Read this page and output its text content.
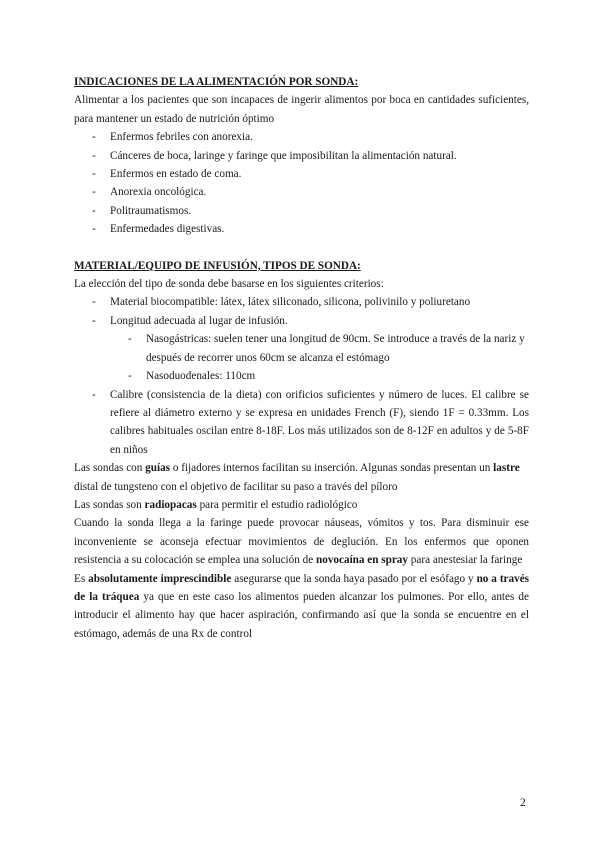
INDICACIONES DE LA ALIMENTACIÓN POR SONDA:

Alimentar a los pacientes que son incapaces de ingerir alimentos por boca en cantidades suficientes, para mantener un estado de nutrición óptimo

- Enfermos febriles con anorexia.
- Cánceres de boca, laringe y faringe que imposibilitan la alimentación natural.
- Enfermos en estado de coma.
- Anorexia oncológica.
- Politraumatismos.
- Enfermedades digestivas.

MATERIAL/EQUIPO DE INFUSIÓN, TIPOS DE SONDA:

La elección del tipo de sonda debe basarse en los siguientes criterios:

- Material biocompatible: látex, látex siliconado, silicona, polivinilo y poliuretano
- Longitud adecuada al lugar de infusión.
- Nasogástricas: suelen tener una longitud de 90cm. Se introduce a través de la nariz y después de recorrer unos 60cm se alcanza el estómago
- Nasoduodenales: 110cm
- Calibre (consistencia de la dieta) con orificios suficientes y número de luces. El calibre se refiere al diámetro externo y se expresa en unidades French (F), siendo 1F = 0.33mm. Los calibres habituales oscilan entre 8-18F. Los más utilizados son de 8-12F en adultos y de 5-8F en niños

Las sondas con guías o fijadores internos facilitan su inserción. Algunas sondas presentan un lastre distal de tungsteno con el objetivo de facilitar su paso a través del píloro

Las sondas son radiopacas para permitir el estudio radiológico

Cuando la sonda llega a la faringe puede provocar náuseas, vómitos y tos. Para disminuir ese inconveniente se aconseja efectuar movimientos de deglución. En los enfermos que oponen resistencia a su colocación se emplea una solución de novocaína en spray para anestesiar la faringe

Es absolutamente imprescindible asegurarse que la sonda haya pasado por el esófago y no a través de la tráquea ya que en este caso los alimentos pueden alcanzar los pulmones. Por ello, antes de introducir el alimento hay que hacer aspiración, confirmando así que la sonda se encuentre en el estómago, además de una Rx de control

2
